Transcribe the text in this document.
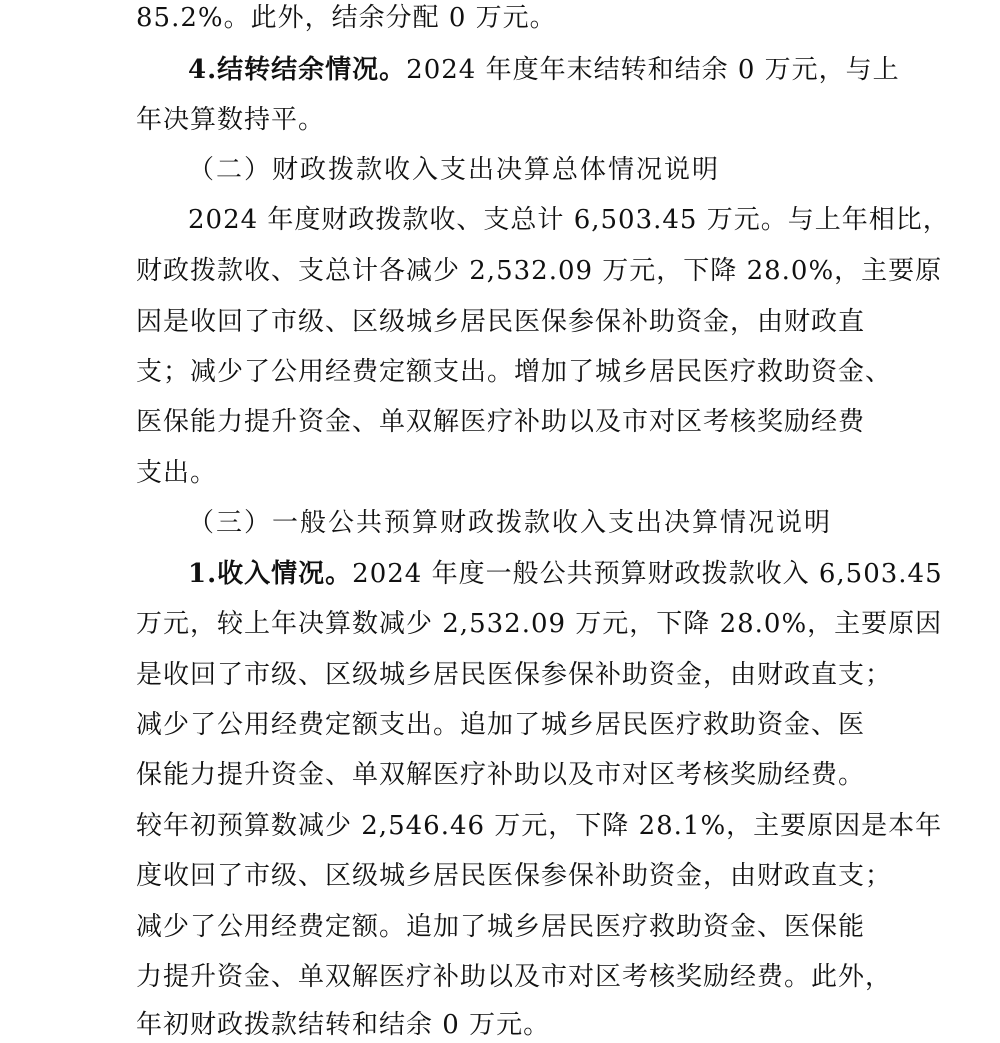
85.2%。此外，结余分配 0 万元。
4.结转结余情况。2024 年度年末结转和结余 0 万元，与上
年决算数持平。
（二）财政拨款收入支出决算总体情况说明
2024 年度财政拨款收、支总计 6,503.45 万元。与上年相比，
财政拨款收、支总计各减少 2,532.09 万元，下降 28.0%，主要原
因是收回了市级、区级城乡居民医保参保补助资金，由财政直
支；减少了公用经费定额支出。增加了城乡居民医疗救助资金、
医保能力提升资金、单双解医疗补助以及市对区考核奖励经费
支出。
（三）一般公共预算财政拨款收入支出决算情况说明
1.收入情况。2024 年度一般公共预算财政拨款收入 6,503.45
万元，较上年决算数减少 2,532.09 万元，下降 28.0%，主要原因
是收回了市级、区级城乡居民医保参保补助资金，由财政直支；
减少了公用经费定额支出。追加了城乡居民医疗救助资金、医
保能力提升资金、单双解医疗补助以及市对区考核奖励经费。
较年初预算数减少 2,546.46 万元，下降 28.1%，主要原因是本年
度收回了市级、区级城乡居民医保参保补助资金，由财政直支；
减少了公用经费定额。追加了城乡居民医疗救助资金、医保能
力提升资金、单双解医疗补助以及市对区考核奖励经费。此外，
年初财政拨款结转和结余 0 万元。
